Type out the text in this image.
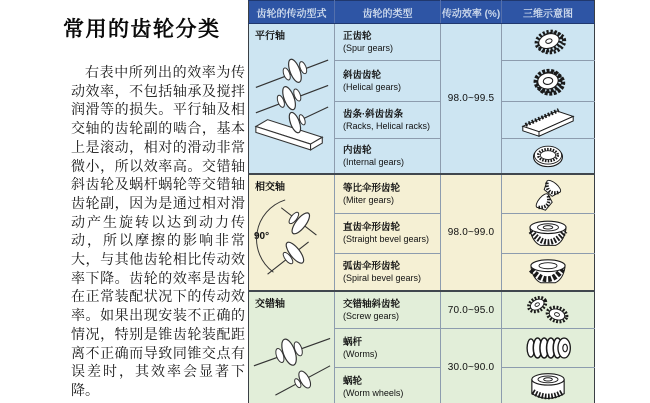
常用的齿轮分类

右表中所列出的效率为传动效率，不包括轴承及搅拌润滑等的损失。平行轴及相交轴的齿轮副的啮合，基本上是滚动，相对的滑动非常微小，所以效率高。交错轴斜齿轮及蜗杆蜗轮等交错轴齿轮副，因为是通过相对滑动产生旋转以达到动力传动，所以摩擦的影响非常大，与其他齿轮相比传动效率下降。齿轮的效率是齿轮在正常装配状况下的传动效率。如果出现安装不正确的情况，特别是锥齿轮装配距离不正确而导致同锥交点有误差时，其效率会显著下降。

齿轮的传动型式	齿轮的类型	传动效率 (%)	三维示意图

平行轴	正齿轮
(Spur gears)	98.0~99.5	

	斜齿齿轮
(Helical gears)

	齿条·斜齿齿条
(Racks, Helical racks)

	内齿轮
(Internal gears)

相交轴
90°

等比伞形齿轮
(Miter gears)
	98.0~99.0	

	直齿伞形齿轮
(Straight bevel gears)

	弧齿伞形齿轮
(Spiral bevel gears)

交错轴	交错轴斜齿轮
(Screw gears)	70.0~95.0	

	蜗杆
(Worms)	30.0~90.0	

	蜗轮
(Worm wheels)
